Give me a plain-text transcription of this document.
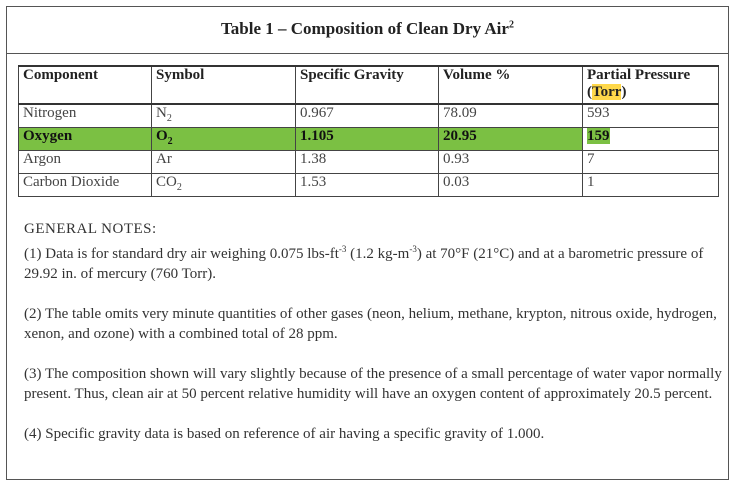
Table 1 – Composition of Clean Dry Air$^2$
Component	Symbol	Specific Gravity	Volume %	Partial Pressure (Torr)
Nitrogen	$N_2$	0.967	78.09	593
Oxygen	$O_2$	1.105	20.95	159
Argon	Ar	1.38	0.93	7
Carbon Dioxide	$CO_2$	1.53	0.03	1
GENERAL NOTES:

(1) Data is for standard dry air weighing 0.075 lbs-$ft^{-3}$ (1.2 $kg-m^{-3}$) at 70°F (21°C) and at a barometric pressure of 29.92 in. of mercury (760 Torr).

(2) The table omits very minute quantities of other gases (neon, helium, methane, krypton, nitrous oxide, hydrogen, xenon, and ozone) with a combined total of 28 ppm.

(3) The composition shown will vary slightly because of the presence of a small percentage of water vapor normally present. Thus, clean air at 50 percent relative humidity will have an oxygen content of approximately 20.5 percent.

(4) Specific gravity data is based on reference of air having a specific gravity of 1.000.
